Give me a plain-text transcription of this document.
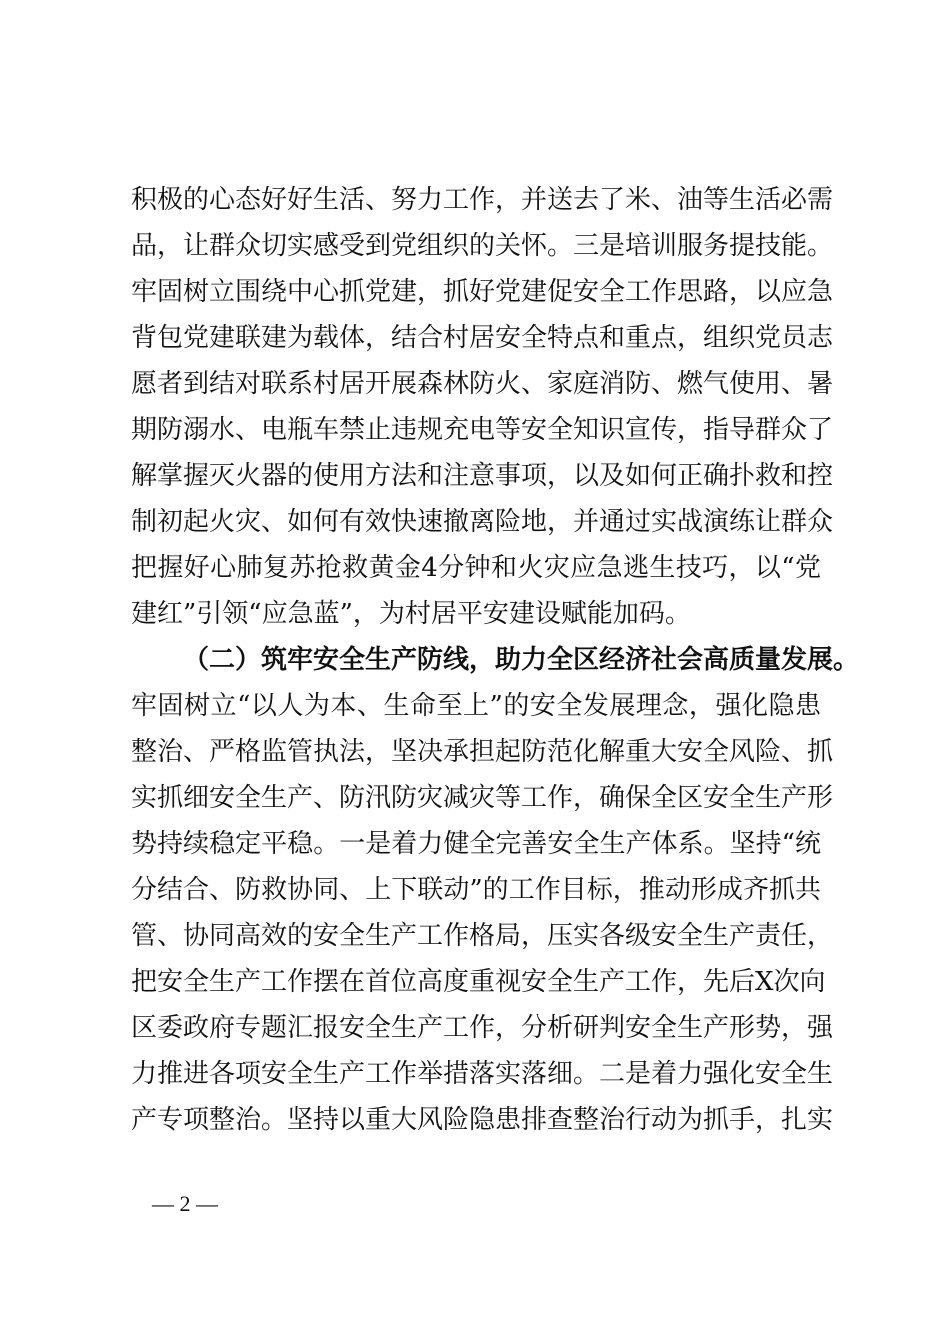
积极的心态好好生活、努力工作，并送去了米、油等生活必需
品，让群众切实感受到党组织的关怀。三是培训服务提技能。
牢固树立围绕中心抓党建，抓好党建促安全工作思路，以应急
背包党建联建为载体，结合村居安全特点和重点，组织党员志
愿者到结对联系村居开展森林防火、家庭消防、燃气使用、暑
期防溺水、电瓶车禁止违规充电等安全知识宣传，指导群众了
解掌握灭火器的使用方法和注意事项，以及如何正确扑救和控
制初起火灾、如何有效快速撤离险地，并通过实战演练让群众
把握好心肺复苏抢救黄金4分钟和火灾应急逃生技巧，以“党
建红”引领“应急蓝”，为村居平安建设赋能加码。
（二）筑牢安全生产防线，助力全区经济社会高质量发展。
牢固树立“以人为本、生命至上”的安全发展理念，强化隐患
整治、严格监管执法，坚决承担起防范化解重大安全风险、抓
实抓细安全生产、防汛防灾减灾等工作，确保全区安全生产形
势持续稳定平稳。一是着力健全完善安全生产体系。坚持“统
分结合、防救协同、上下联动”的工作目标，推动形成齐抓共
管、协同高效的安全生产工作格局，压实各级安全生产责任，
把安全生产工作摆在首位高度重视安全生产工作，先后X次向
区委政府专题汇报安全生产工作，分析研判安全生产形势，强
力推进各项安全生产工作举措落实落细。二是着力强化安全生
产专项整治。坚持以重大风险隐患排查整治行动为抓手，扎实
— 2 —
